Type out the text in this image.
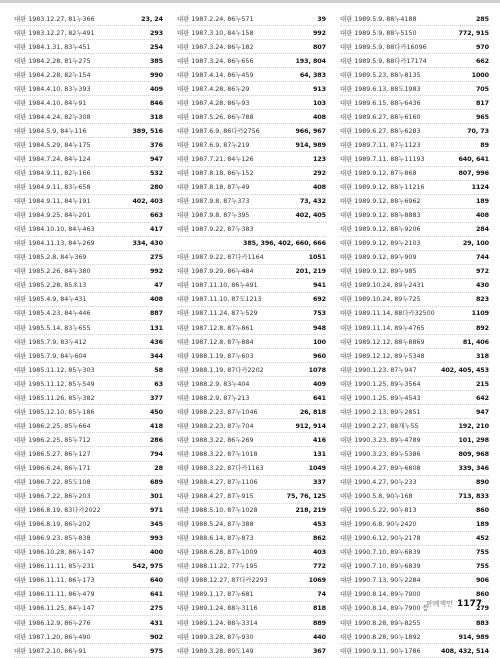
대판 1983.12.27, 81누366	23, 24
대판 1983.12.27, 82누491	293
대판 1984.1.31, 83누451	254
대판 1984.2.28, 81누275	385
대판 1984.2.28, 82누154	990
대판 1984.4.10, 83누393	409
대판 1984.4.10, 84누91	846
대판 1984.4.24, 82누308	318
대판 1984.5.9, 84누116	389, 516
대판 1984.5.29, 84누175	376
대판 1984.7.24, 84누124	947
대판 1984.9.11, 82누166	532
대판 1984.9.11, 83누658	280
대판 1984.9.11, 84누191	402, 403
대판 1984.9.25, 84누201	663
대판 1984.10.10, 84누463	417
대판 1984.11.13, 84누269	334, 430
대판 1985.2.8, 84누369	275
대판 1985.2.26, 84누380	992
대판 1985.2.28, 85초13	47
대판 1985.4.9, 84누431	408
대판 1985.4.23, 84누446	887
대판 1985.5.14, 83누655	131
대판 1985.7.9, 83누412	436
대판 1985.7.9, 84누604	344
대판 1985.11.12, 85누303	58
대판 1985.11.12, 85누549	63
대판 1985.11.26, 85누382	377
대판 1985.12.10, 85누186	450
대판 1986.2.25, 85누664	418
대판 1986.2.25, 85누712	286
대판 1986.5.27, 86누127	794
대판 1986.6.24, 86누171	28
대판 1986.7.22, 85도108	689
대판 1986.7.22, 86누203	301
대판 1986.8.19, 83다카2022	971
대판 1986.8.19, 86누202	345
대판 1986.9.23, 85누838	993
대판 1986.10.28, 86누147	400
대판 1986.11.11, 85누231	542, 975
대판 1986.11.11, 86누173	640
대판 1986.11.11, 86누479	641
대판 1986.11.25, 84누147	275
대판 1986.12.9, 86누276	431
대판 1987.1.20, 86누490	902
대판 1987.2.10, 86누91	975
대판 1987.2.24, 86누571	39
대판 1987.3.10, 84누158	992
대판 1987.3.24, 86누182	807
대판 1987.3.24, 86누656	193, 804
대판 1987.4.14, 86누459	64, 383
대판 1987.4.28, 86누29	913
대판 1987.4.28, 86누93	103
대판 1987.5.26, 86누788	408
대판 1987.6.9, 86다카2756	966, 967
대판 1987.6.9, 87누219	914, 989
대판 1987.7.21, 84누126	123
대판 1987.8.18, 86누152	292
대판 1987.8.18, 87누49	408
대판 1987.9.8, 87누373	73, 432
대판 1987.9.8, 87누395	402, 405
대판 1987.9.22, 87누383
385, 396, 402, 660, 666
대판 1987.9.22, 87다카1164	1051
대판 1987.9.29, 86누484	201, 219
대판 1987.11.10, 86누491	941
대판 1987.11.10, 87도1213	692
대판 1987.11.24, 87누529	753
대판 1987.12.8, 87누861	948
대판 1987.12.8, 87누884	100
대판 1988.1.19, 87누603	960
대판 1988.1.19, 87다카2202	1078
대판 1988.2.9, 83누404	409
대판 1988.2.9, 87누213	641
대판 1988.2.23, 87누1046	26, 818
대판 1988.2.23, 87누704	912, 914
대판 1988.3.22, 86누269	416
대판 1988.3.22, 87누1018	131
대판 1988.3.22, 87다카1163	1049
대판 1988.4.27, 87누1106	337
대판 1988.4.27, 87누915	75, 76, 125
대판 1988.5.10, 87누1028	218, 219
대판 1988.5.24, 87누388	453
대판 1988.6.14, 87누873	862
대판 1988.6.28, 87누1009	403
대판 1988.11.22, 77누195	772
대판 1988.12.27, 87다카2293	1069
대판 1989.1.17, 87누681	74
대판 1989.1.24, 88누3116	818
대판 1989.1.24, 88누3314	889
대판 1989.3.28, 87누930	440
대판 1989.3.28, 89도149	367
대판 1989.5.9, 88누4188	285
대판 1989.5.9, 88누5150	772, 915
대판 1989.5.9, 88다카16096	970
대판 1989.5.9, 88다카17174	662
대판 1989.5.23, 88누8135	1000
대판 1989.6.13, 88도1983	705
대판 1989.6.15, 88누6436	817
대판 1989.6.27, 88누6160	965
대판 1989.6.27, 88누6283	70, 73
대판 1989.7.11, 87누1123	89
대판 1989.7.11, 88누11193	640, 641
대판 1989.9.12, 87누868	807, 996
대판 1989.9.12, 88누11216	1124
대판 1989.9.12, 88누6962	189
대판 1989.9.12, 88누8883	408
대판 1989.9.12, 88누9206	284
대판 1989.9.12, 89누2103	29, 100
대판 1989.9.12, 89누909	744
대판 1989.9.12, 89누985	972
대판 1989.10.24, 89누2431	430
대판 1989.10.24, 89누725	823
대판 1989.11.14, 88다카32500	1109
대판 1989.11.14, 89누4765	892
대판 1989.12.12, 88누8869	81, 406
대판 1989.12.12, 89누5348	318
대판 1990.1.23, 87누947	402, 405, 453
대판 1990.1.25, 89누3564	215
대판 1990.1.25, 89누4543	642
대판 1990.2.13, 89누2851	947
대판 1990.2.27, 88재누55	192, 210
대판 1990.3.23, 89누4789	101, 298
대판 1990.3.23, 89누5386	809, 968
대판 1990.4.27, 89누6808	339, 346
대판 1990.4.27, 90누233	890
대판 1990.5.8, 90누168	713, 833
대판 1990.5.22, 90누813	860
대판 1990.6.8, 90누2420	189
대판 1990.6.12, 90누2178	452
대판 1990.7.10, 89누6839	755
대판 1990.7.10, 89누6839	755
대판 1990.7.13, 90누2284	906
대판 1990.8.14, 89누7900	860
대판 1990.8.14, 89누7900 등	279
대판 1990.8.28, 89누8255	883
대판 1990.8.28, 90누1892	914, 989
대판 1990.9.11, 90누1786	408, 432, 514
판례색인 1177
